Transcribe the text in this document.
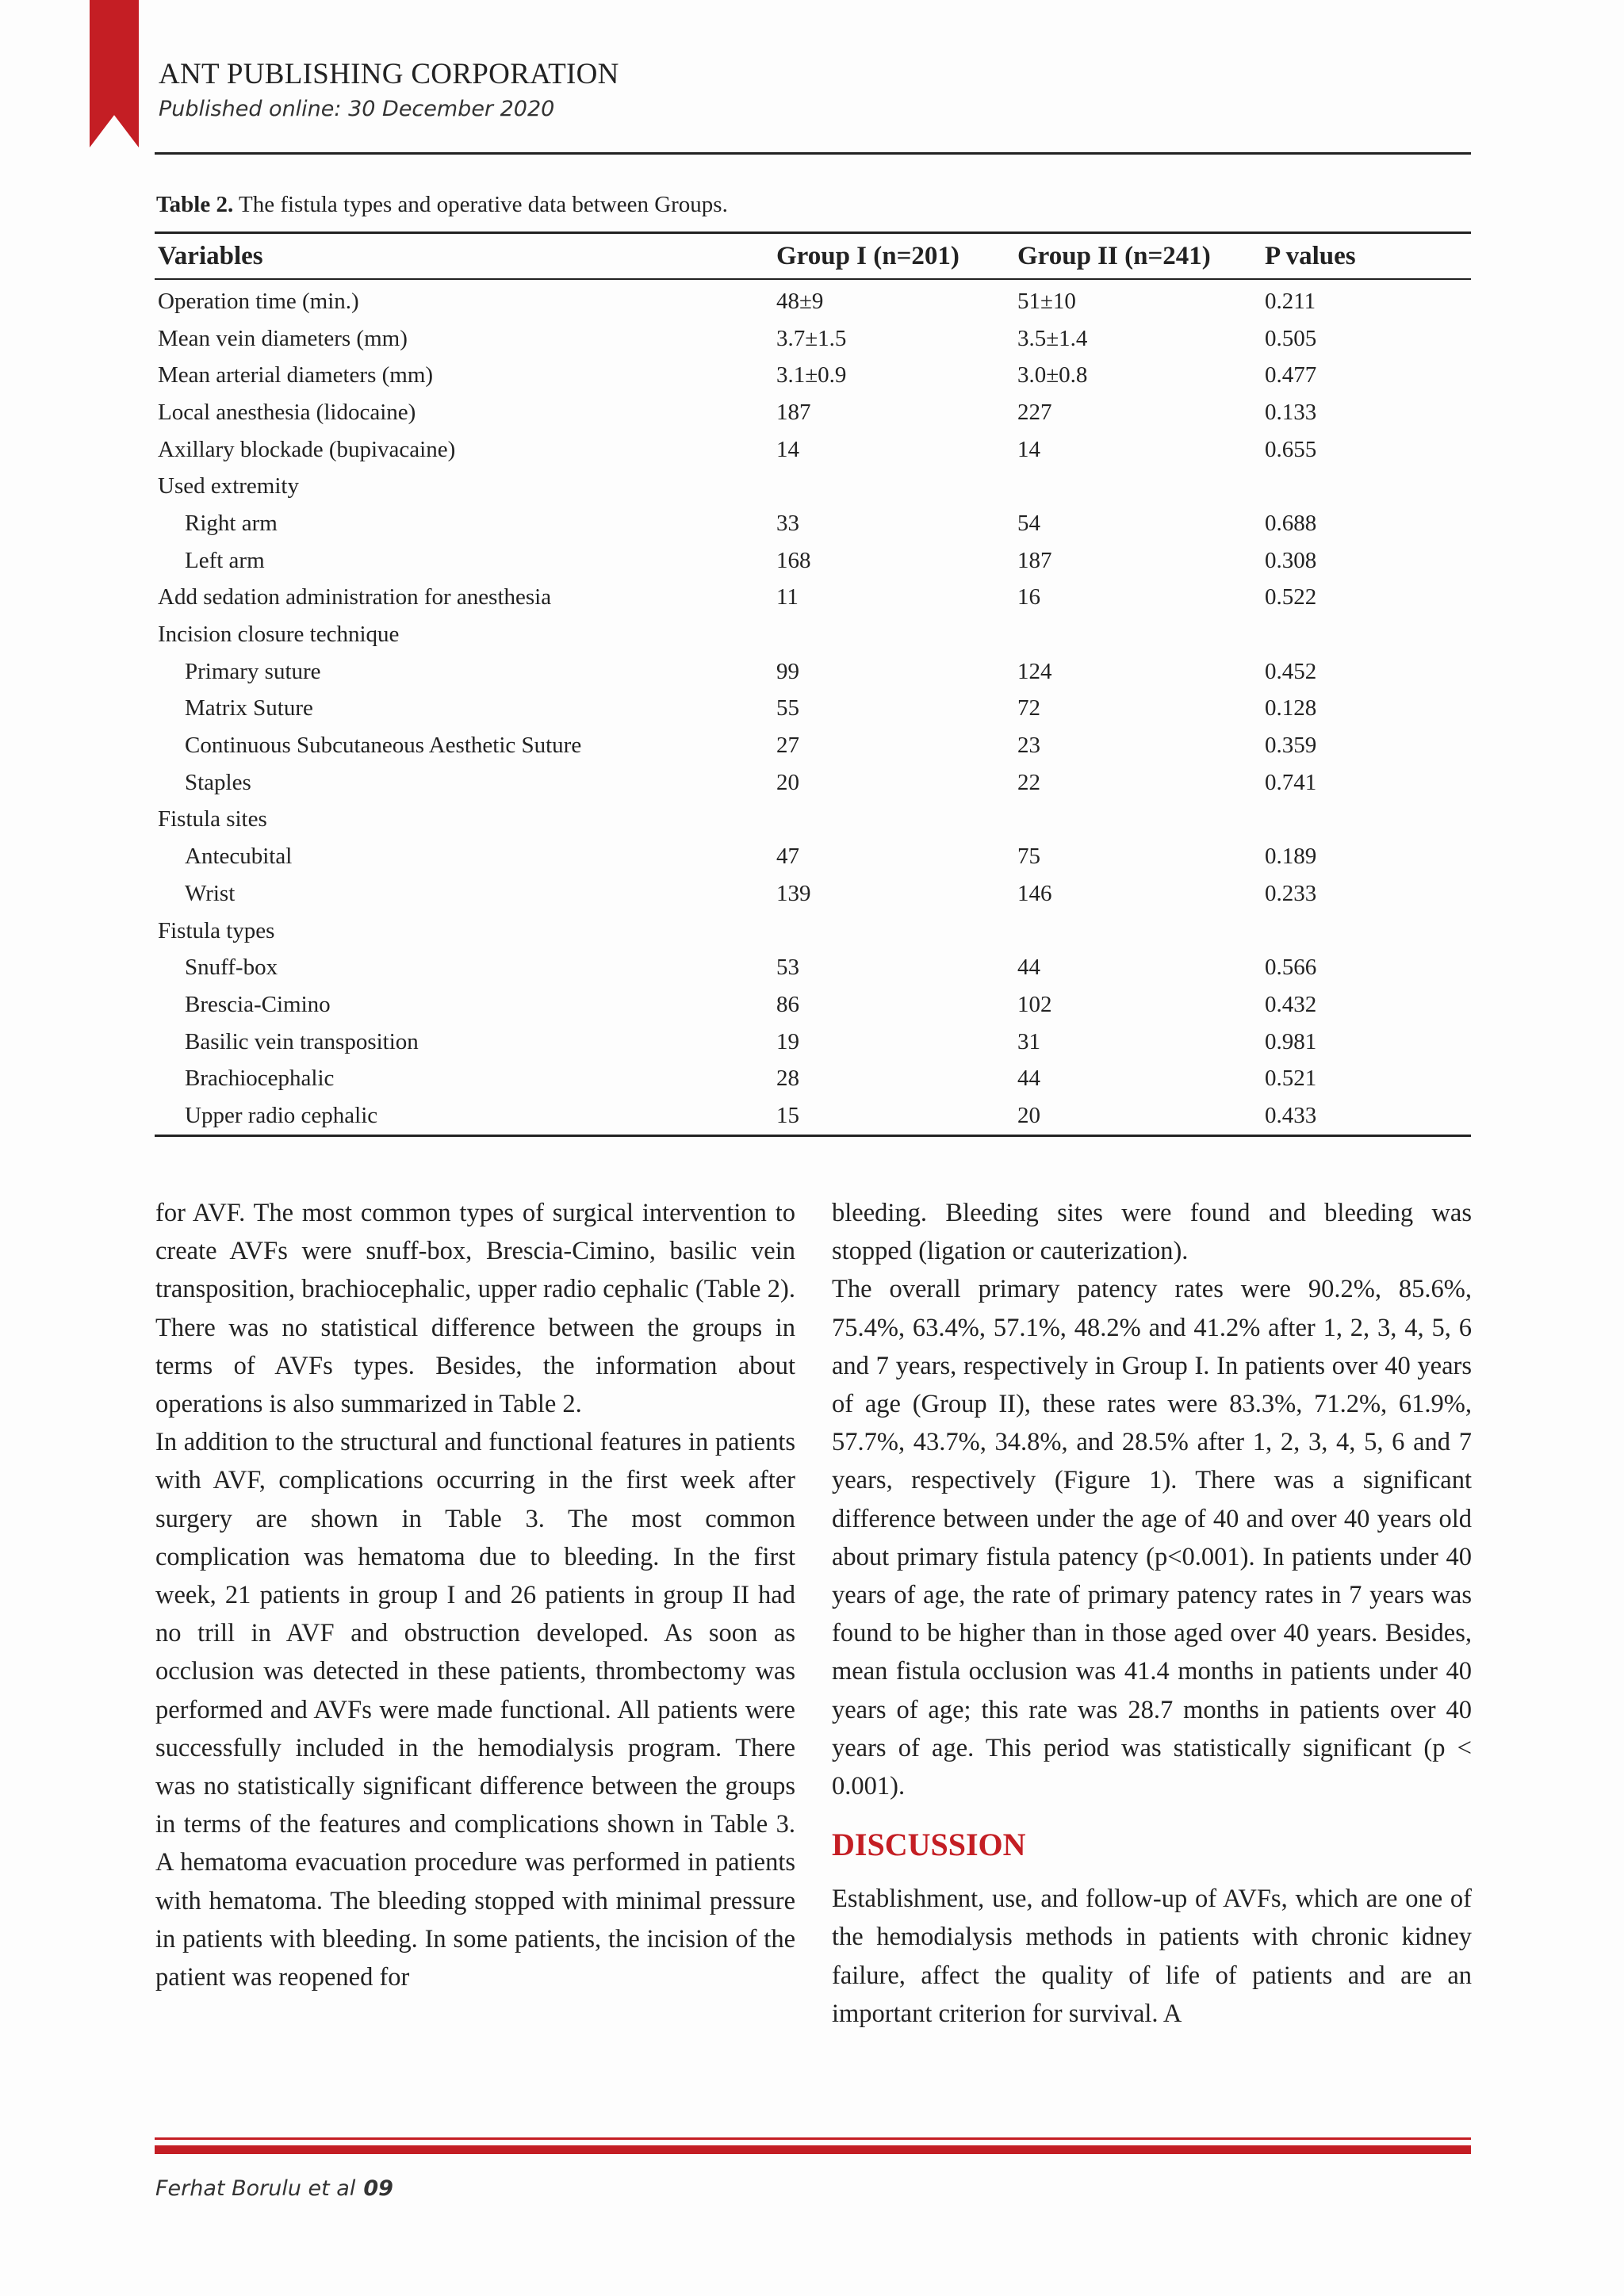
ANT PUBLISHING CORPORATION
Published online: 30 December 2020
Table 2. The fistula types and operative data between Groups.
Variables	Group I (n=201)	Group II (n=241)	P values
Operation time (min.)	48±9	51±10	0.211
Mean vein diameters (mm)	3.7±1.5	3.5±1.4	0.505
Mean arterial diameters (mm)	3.1±0.9	3.0±0.8	0.477
Local anesthesia (lidocaine)	187	227	0.133
Axillary blockade (bupivacaine)	14	14	0.655
Used extremity			
Right arm	33	54	0.688
Left arm	168	187	0.308
Add sedation administration for anesthesia	11	16	0.522
Incision closure technique			
Primary suture	99	124	0.452
Matrix Suture	55	72	0.128
Continuous Subcutaneous Aesthetic Suture	27	23	0.359
Staples	20	22	0.741
Fistula sites			
Antecubital	47	75	0.189
Wrist	139	146	0.233
Fistula types			
Snuff-box	53	44	0.566
Brescia-Cimino	86	102	0.432
Basilic vein transposition	19	31	0.981
Brachiocephalic	28	44	0.521
Upper radio cephalic	15	20	0.433

for AVF. The most common types of surgical intervention to create AVFs were snuff-box, Brescia-Cimino, basilic vein transposition, brachiocephalic, upper radio cephalic (Table 2). There was no statistical difference between the groups in terms of AVFs types. Besides, the information about operations is also summarized in Table 2.

In addition to the structural and functional features in patients with AVF, complications occurring in the first week after surgery are shown in Table 3. The most common complication was hematoma due to bleeding. In the first week, 21 patients in group I and 26 patients in group II had no trill in AVF and obstruction developed. As soon as occlusion was detected in these patients, thrombectomy was performed and AVFs were made functional. All patients were successfully included in the hemodialysis program. There was no statistically significant difference between the groups in terms of the features and complications shown in Table 3. A hematoma evacuation procedure was performed in patients with hematoma. The bleeding stopped with minimal pressure in patients with bleeding. In some patients, the incision of the patient was reopened for

bleeding. Bleeding sites were found and bleeding was stopped (ligation or cauterization).

The overall primary patency rates were 90.2%, 85.6%, 75.4%, 63.4%, 57.1%, 48.2% and 41.2% after 1, 2, 3, 4, 5, 6 and 7 years, respectively in Group I. In patients over 40 years of age (Group II), these rates were 83.3%, 71.2%, 61.9%, 57.7%, 43.7%, 34.8%, and 28.5% after 1, 2, 3, 4, 5, 6 and 7 years, respectively (Figure 1). There was a significant difference between under the age of 40 and over 40 years old about primary fistula patency (p<0.001). In patients under 40 years of age, the rate of primary patency rates in 7 years was found to be higher than in those aged over 40 years. Besides, mean fistula occlusion was 41.4 months in patients under 40 years of age; this rate was 28.7 months in patients over 40 years of age. This period was statistically significant (p < 0.001).

DISCUSSION

Establishment, use, and follow-up of AVFs, which are one of the hemodialysis methods in patients with chronic kidney failure, affect the quality of life of patients and are an important criterion for survival. A

Ferhat Borulu et al 09
